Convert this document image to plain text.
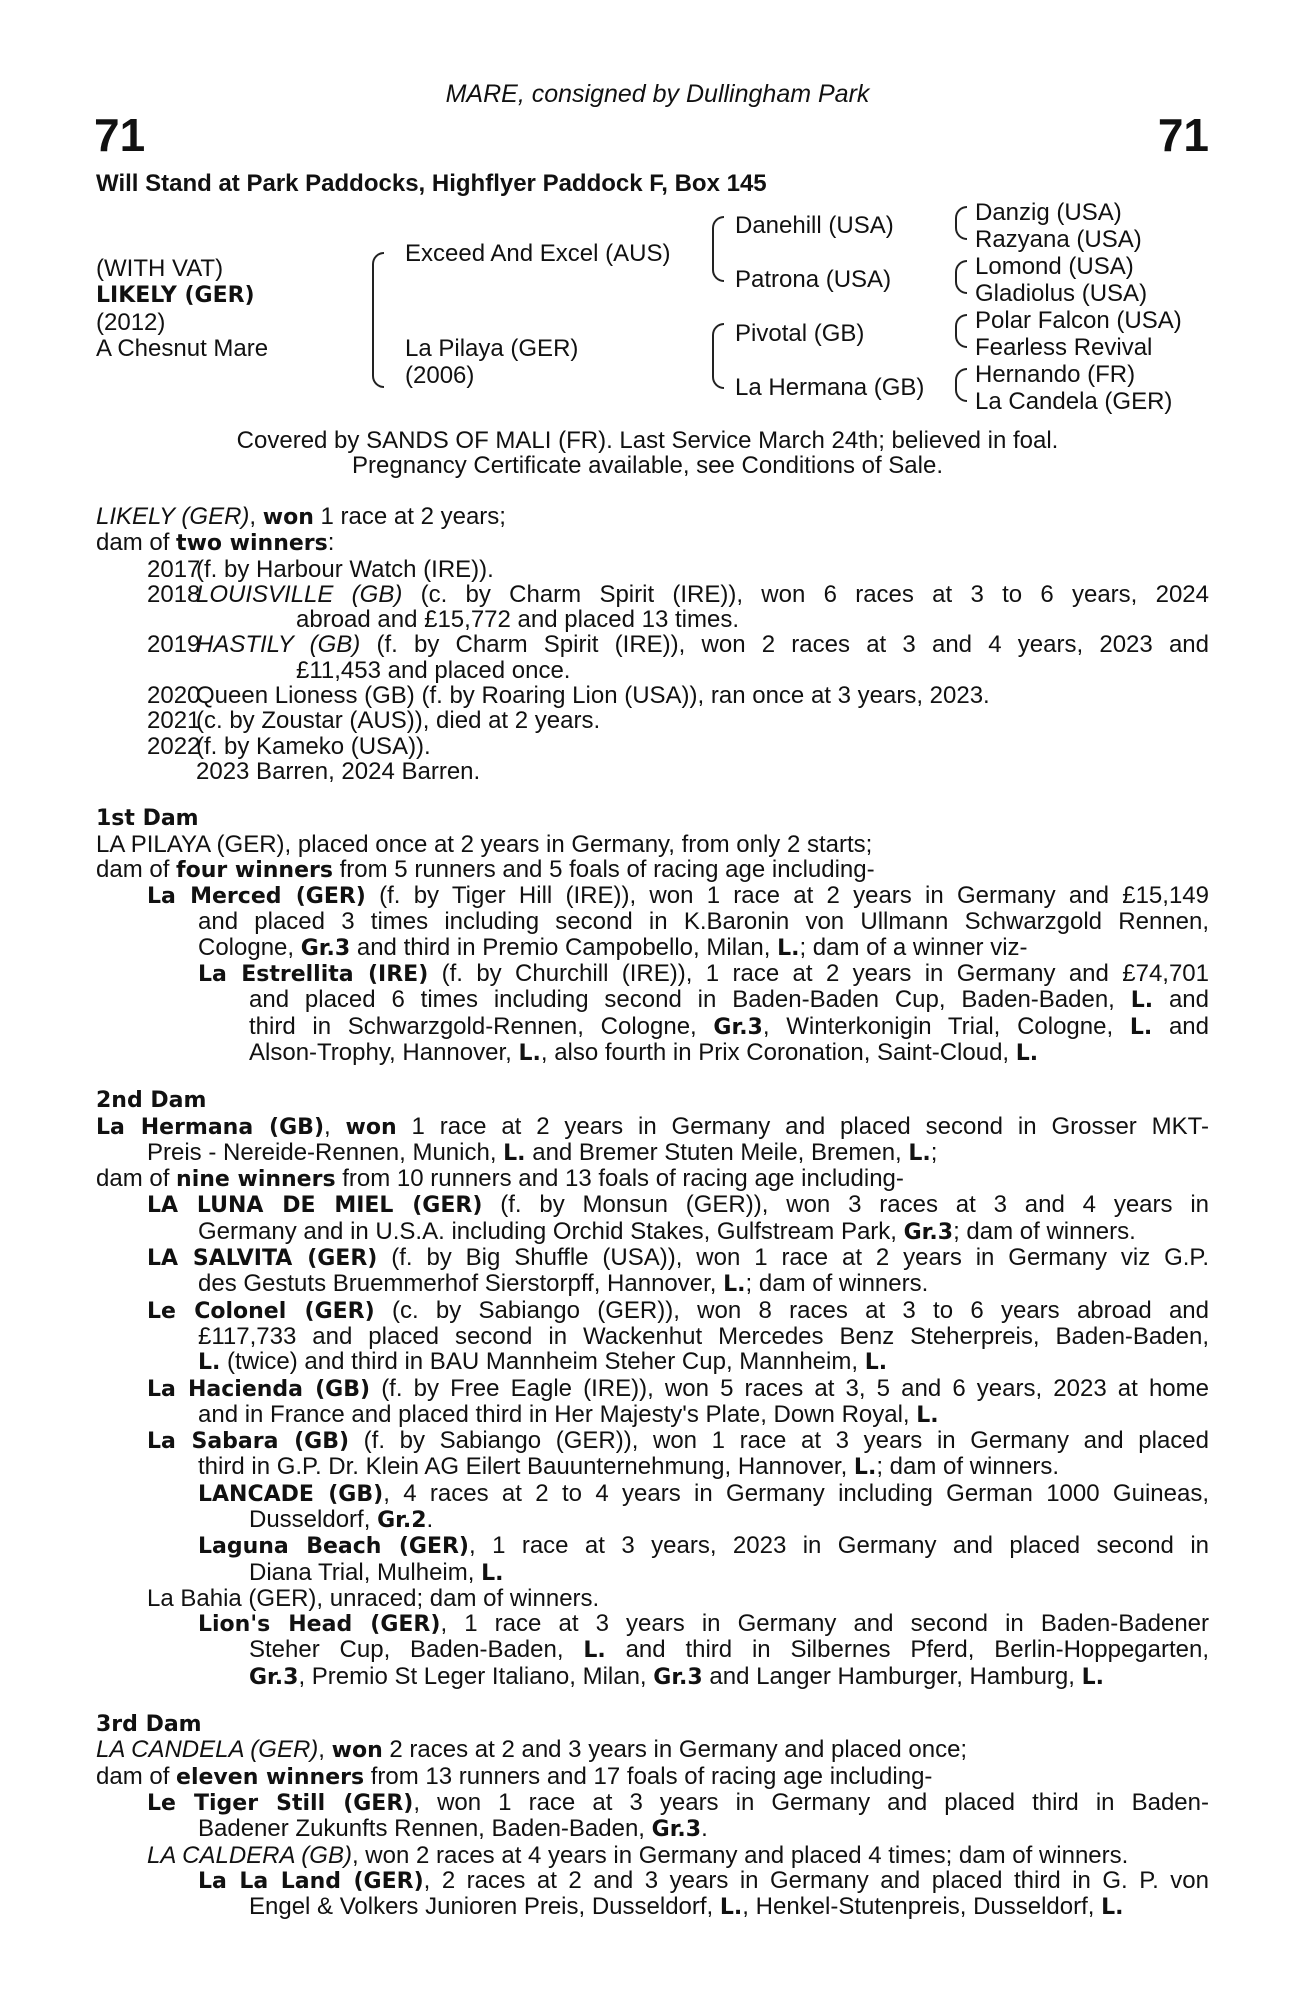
71	71
MARE, consigned by Dullingham Park
Will Stand at Park Paddocks, Highflyer Paddock F, Box 145
(WITH VAT)
LIKELY (GER)
(2012)
A Chesnut Mare
Exceed And Excel (AUS)
La Pilaya (GER)
(2006)
Danehill (USA)
Patrona (USA)
Pivotal (GB)
La Hermana (GB)
Danzig (USA)
Razyana (USA)
Lomond (USA)
Gladiolus (USA)
Polar Falcon (USA)
Fearless Revival
Hernando (FR)
La Candela (GER)
Covered by SANDS OF MALI (FR). Last Service March 24th; believed in foal.
Pregnancy Certificate available, see Conditions of Sale.
LIKELY (GER), won 1 race at 2 years;
dam of two winners:
2017(f. by Harbour Watch (IRE)).
2018LOUISVILLE (GB) (c. by Charm Spirit (IRE)), won 6 races at 3 to 6 years, 2024
abroad and £15,772 and placed 13 times.
2019HASTILY (GB) (f. by Charm Spirit (IRE)), won 2 races at 3 and 4 years, 2023 and
£11,453 and placed once.
2020Queen Lioness (GB) (f. by Roaring Lion (USA)), ran once at 3 years, 2023.
2021(c. by Zoustar (AUS)), died at 2 years.
2022(f. by Kameko (USA)).
2023 Barren, 2024 Barren.
1st Dam
LA PILAYA (GER), placed once at 2 years in Germany, from only 2 starts;
dam of four winners from 5 runners and 5 foals of racing age including-
La Merced (GER) (f. by Tiger Hill (IRE)), won 1 race at 2 years in Germany and £15,149
and placed 3 times including second in K.Baronin von Ullmann Schwarzgold Rennen,
Cologne, Gr.3 and third in Premio Campobello, Milan, L.; dam of a winner viz-
La Estrellita (IRE) (f. by Churchill (IRE)), 1 race at 2 years in Germany and £74,701
and placed 6 times including second in Baden-Baden Cup, Baden-Baden, L. and
third in Schwarzgold-Rennen, Cologne, Gr.3, Winterkonigin Trial, Cologne, L. and
Alson-Trophy, Hannover, L., also fourth in Prix Coronation, Saint-Cloud, L.
2nd Dam
La Hermana (GB), won 1 race at 2 years in Germany and placed second in Grosser MKT-
Preis - Nereide-Rennen, Munich, L. and Bremer Stuten Meile, Bremen, L.;
dam of nine winners from 10 runners and 13 foals of racing age including-
LA LUNA DE MIEL (GER) (f. by Monsun (GER)), won 3 races at 3 and 4 years in
Germany and in U.S.A. including Orchid Stakes, Gulfstream Park, Gr.3; dam of winners.
LA SALVITA (GER) (f. by Big Shuffle (USA)), won 1 race at 2 years in Germany viz G.P.
des Gestuts Bruemmerhof Sierstorpff, Hannover, L.; dam of winners.
Le Colonel (GER) (c. by Sabiango (GER)), won 8 races at 3 to 6 years abroad and
£117,733 and placed second in Wackenhut Mercedes Benz Steherpreis, Baden-Baden,
L. (twice) and third in BAU Mannheim Steher Cup, Mannheim, L.
La Hacienda (GB) (f. by Free Eagle (IRE)), won 5 races at 3, 5 and 6 years, 2023 at home
and in France and placed third in Her Majesty's Plate, Down Royal, L.
La Sabara (GB) (f. by Sabiango (GER)), won 1 race at 3 years in Germany and placed
third in G.P. Dr. Klein AG Eilert Bauunternehmung, Hannover, L.; dam of winners.
LANCADE (GB), 4 races at 2 to 4 years in Germany including German 1000 Guineas,
Dusseldorf, Gr.2.
Laguna Beach (GER), 1 race at 3 years, 2023 in Germany and placed second in
Diana Trial, Mulheim, L.
La Bahia (GER), unraced; dam of winners.
Lion's Head (GER), 1 race at 3 years in Germany and second in Baden-Badener
Steher Cup, Baden-Baden, L. and third in Silbernes Pferd, Berlin-Hoppegarten,
Gr.3, Premio St Leger Italiano, Milan, Gr.3 and Langer Hamburger, Hamburg, L.
3rd Dam
LA CANDELA (GER), won 2 races at 2 and 3 years in Germany and placed once;
dam of eleven winners from 13 runners and 17 foals of racing age including-
Le Tiger Still (GER), won 1 race at 3 years in Germany and placed third in Baden-
Badener Zukunfts Rennen, Baden-Baden, Gr.3.
LA CALDERA (GB), won 2 races at 4 years in Germany and placed 4 times; dam of winners.
La La Land (GER), 2 races at 2 and 3 years in Germany and placed third in G. P. von
Engel & Volkers Junioren Preis, Dusseldorf, L., Henkel-Stutenpreis, Dusseldorf, L.
